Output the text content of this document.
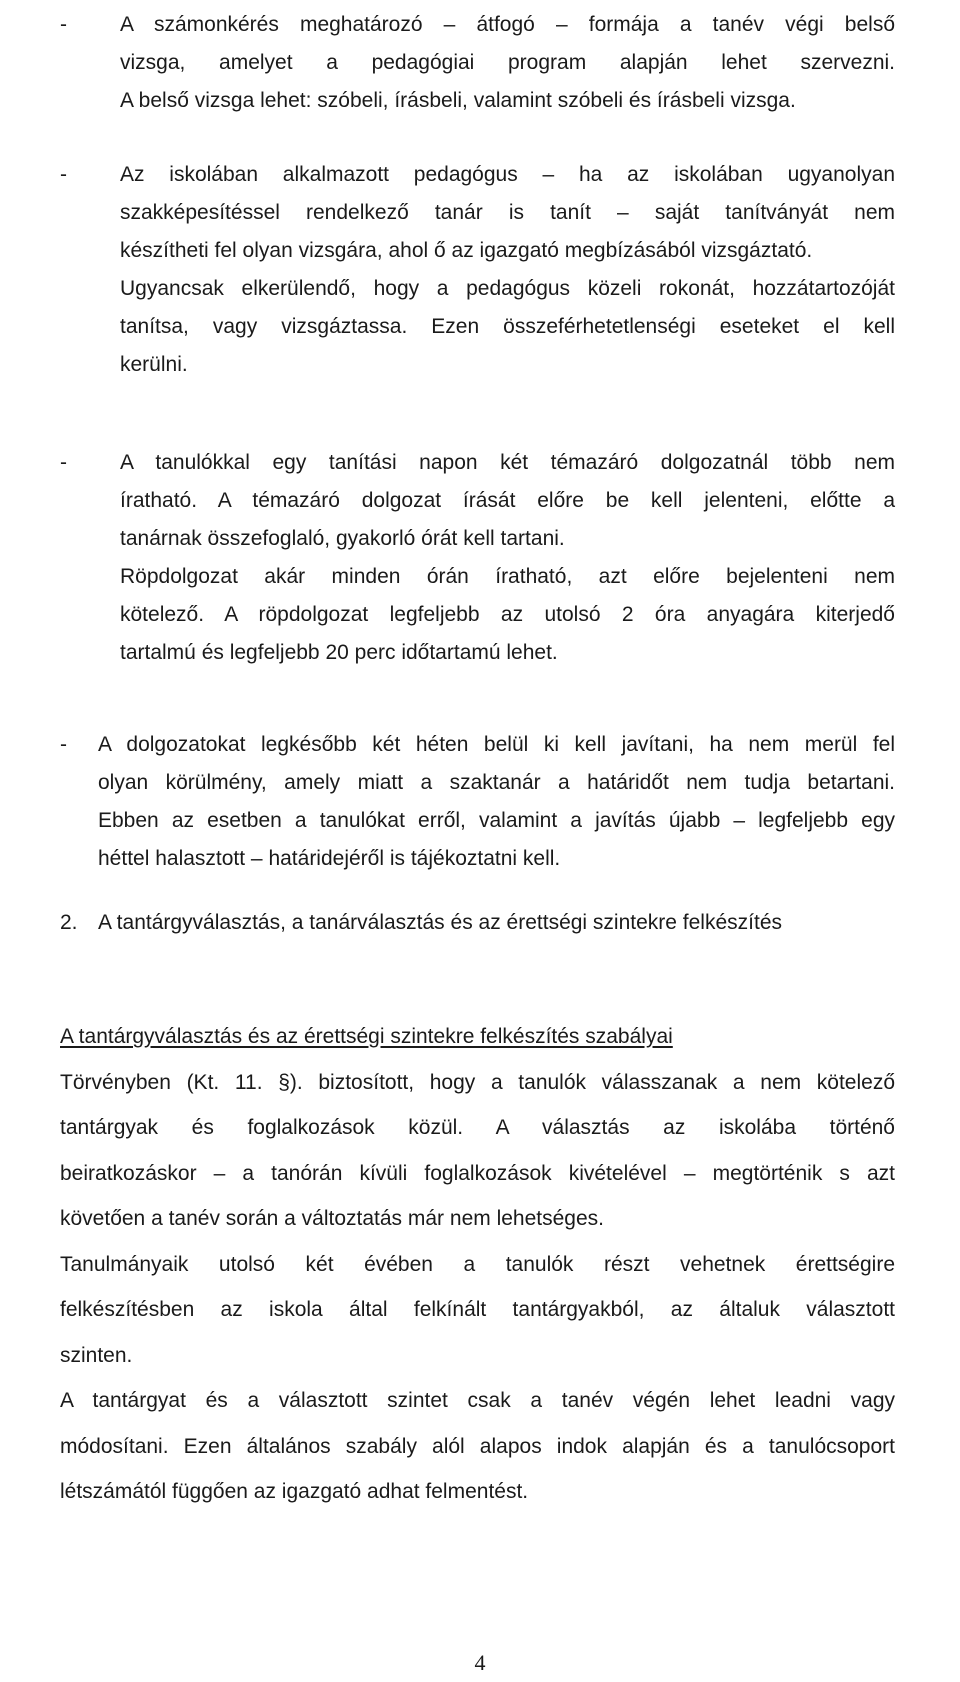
-	A számonkérés meghatározó – átfogó – formája a tanév végi belső
vizsga, amelyet a pedagógiai program alapján lehet szervezni.
A belső vizsga lehet: szóbeli, írásbeli, valamint szóbeli és írásbeli vizsga.
-	Az iskolában alkalmazott pedagógus – ha az iskolában ugyanolyan
szakképesítéssel rendelkező tanár is tanít – saját tanítványát nem
készítheti fel olyan vizsgára, ahol ő az igazgató megbízásából vizsgáztató.
Ugyancsak elkerülendő, hogy a pedagógus közeli rokonát, hozzátartozóját
tanítsa, vagy vizsgáztassa. Ezen összeférhetetlenségi eseteket el kell
kerülni.
-	A tanulókkal egy tanítási napon két témazáró dolgozatnál több nem
íratható. A témazáró dolgozat írását előre be kell jelenteni, előtte a
tanárnak összefoglaló, gyakorló órát kell tartani.
Röpdolgozat akár minden órán íratható, azt előre bejelenteni nem
kötelező. A röpdolgozat legfeljebb az utolsó 2 óra anyagára kiterjedő
tartalmú és legfeljebb 20 perc időtartamú lehet.
- A dolgozatokat legkésőbb két héten belül ki kell javítani, ha nem merül fel
olyan körülmény, amely miatt a szaktanár a határidőt nem tudja betartani.
Ebben az esetben a tanulókat erről, valamint a javítás újabb – legfeljebb egy
héttel halasztott – határidejéről is tájékoztatni kell.
2. A tantárgyválasztás, a tanárválasztás és az érettségi szintekre felkészítés
A tantárgyválasztás és az érettségi szintekre felkészítés szabályai
Törvényben (Kt. 11. §). biztosított, hogy a tanulók válasszanak a nem kötelező
tantárgyak és foglalkozások közül. A választás az iskolába történő
beiratkozáskor – a tanórán kívüli foglalkozások kivételével – megtörténik s azt
követően a tanév során a változtatás már nem lehetséges.
Tanulmányaik utolsó két évében a tanulók részt vehetnek érettségire
felkészítésben az iskola által felkínált tantárgyakból, az általuk választott
szinten.
A tantárgyat és a választott szintet csak a tanév végén lehet leadni vagy
módosítani. Ezen általános szabály alól alapos indok alapján és a tanulócsoport
létszámától függően az igazgató adhat felmentést.
4
